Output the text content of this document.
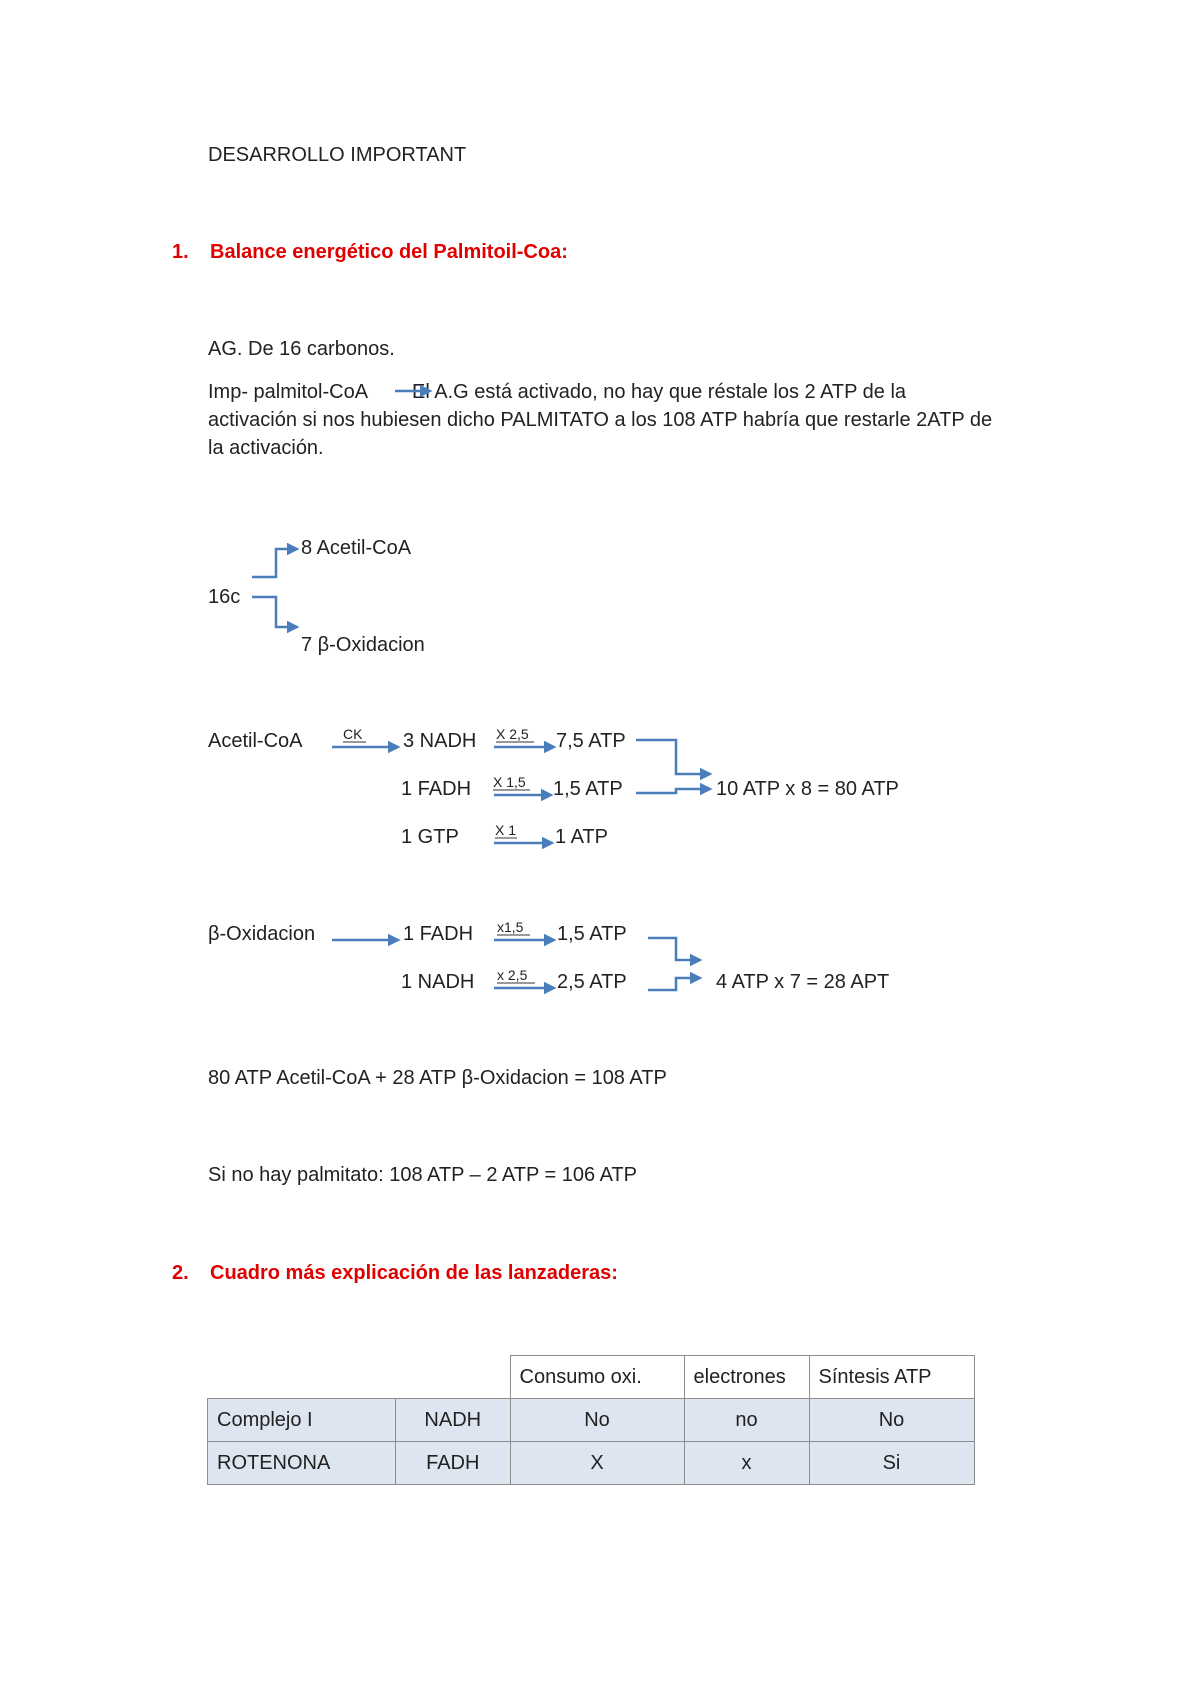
DESARROLLO IMPORTANT
1. Balance energético del Palmitoil-Coa:
AG. De 16 carbonos.
Imp- palmitol-CoA El A.G está activado, no hay que réstale los 2 ATP de la activación si nos hubiesen dicho PALMITATO a los 108 ATP habría que restarle 2ATP de la activación.
8 Acetil-CoA
16c
7 β-Oxidacion
Acetil-CoA	CK 3 NADH X 2,5 7,5 ATP
1 FADH X 1,5 1,5 ATP
1 GTP	X 1 1 ATP
10 ATP x 8 = 80 ATP
β-Oxidacion	1 FADH x1,5 1,5 ATP
1 NADH x 2,5 2,5 ATP	4 ATP x 7 = 28 APT
80 ATP Acetil-CoA + 28 ATP β-Oxidacion = 108 ATP
Si no hay palmitato: 108 ATP – 2 ATP = 106 ATP
2. Cuadro más explicación de las lanzaderas:
		Consumo oxi.	electrones	Síntesis ATP
Complejo I	NADH	No	no	No
ROTENONA	FADH	X	x	Si
